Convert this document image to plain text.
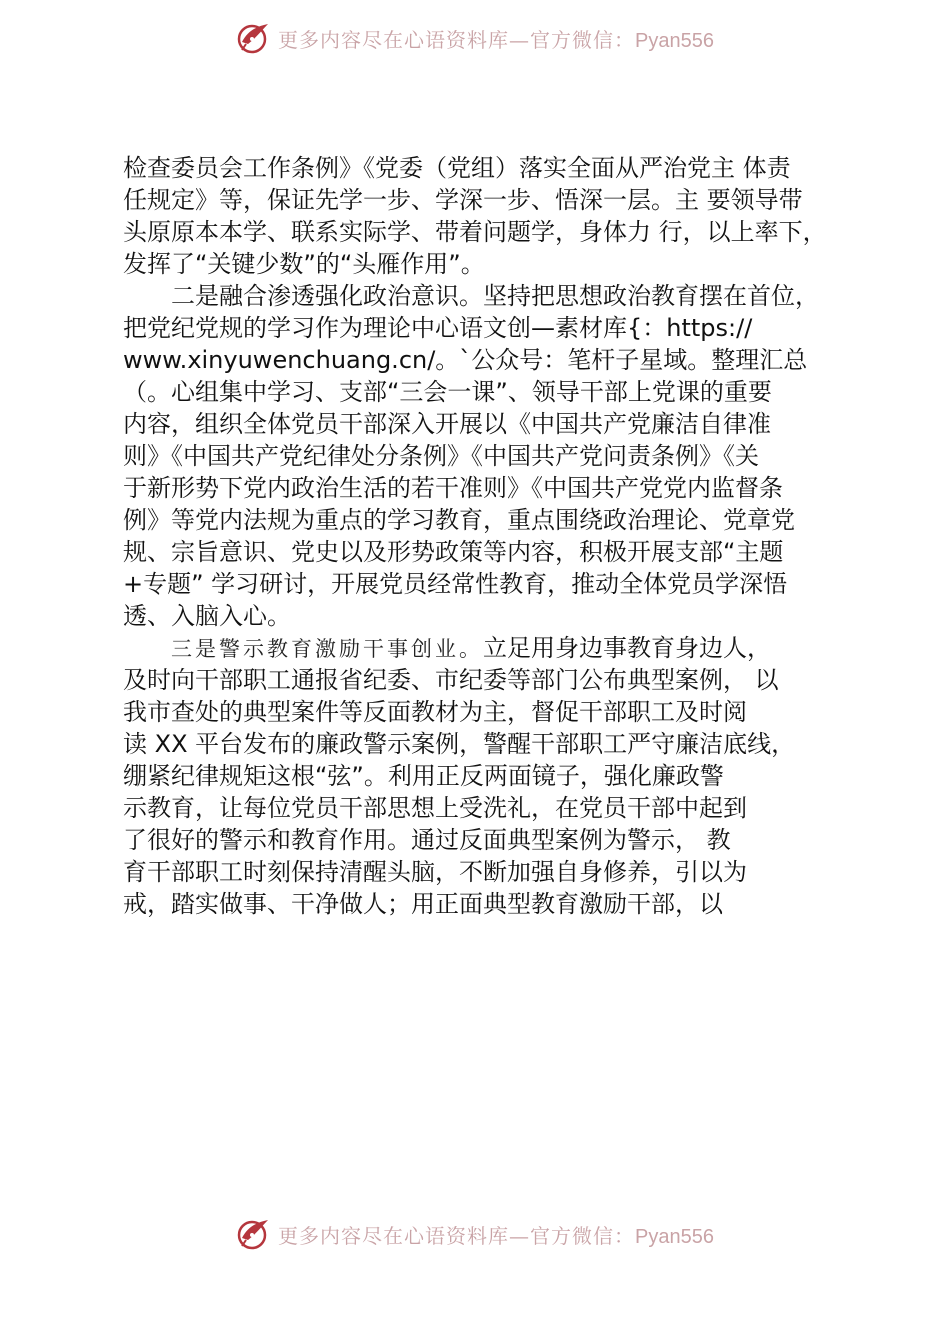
更多内容尽在心语资料库—官方微信：Pyan556
检查委员会工作条例》《党委（党组）落实全面从严治党主 体责
任规定》等，保证先学一步、学深一步、悟深一层。主 要领导带
头原原本本学、联系实际学、带着问题学，身体力 行，以上率下，
发挥了“关键少数”的“头雁作用”。
　　二是融合渗透强化政治意识。坚持把思想政治教育摆在首位，
把党纪党规的学习作为理论中心语文创—素材库{：https://
www.xinyuwenchuang.cn/。`公众号：笔杆子星域。整理汇总
（。心组集中学习、支部“三会一课”、领导干部上党课的重要
内容，组织全体党员干部深入开展以《中国共产党廉洁自律准
则》《中国共产党纪律处分条例》《中国共产党问责条例》《关
于新形势下党内政治生活的若干准则》《中国共产党党内监督条
例》等党内法规为重点的学习教育，重点围绕政治理论、党章党
规、宗旨意识、党史以及形势政策等内容，积极开展支部“主题
+专题” 学习研讨，开展党员经常性教育，推动全体党员学深悟
透、入脑入心。
　　三是警示教育激励干事创业。立足用身边事教育身边人，
及时向干部职工通报省纪委、市纪委等部门公布典型案例， 以
我市查处的典型案件等反面教材为主，督促干部职工及时阅
读 XX 平台发布的廉政警示案例，警醒干部职工严守廉洁底线，
绷紧纪律规矩这根“弦”。利用正反两面镜子，强化廉政警
示教育，让每位党员干部思想上受洗礼，在党员干部中起到
了很好的警示和教育作用。通过反面典型案例为警示， 教
育干部职工时刻保持清醒头脑，不断加强自身修养，引以为
戒，踏实做事、干净做人；用正面典型教育激励干部，以
更多内容尽在心语资料库—官方微信：Pyan556
